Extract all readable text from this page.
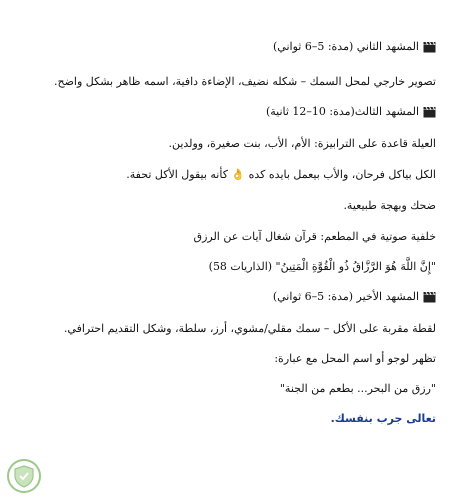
المشهد الثاني (مدة: 5–6 ثواني)
تصوير خارجي لمحل السمك – شكله نضيف، الإضاءة دافية، اسمه ظاهر بشكل واضح.
المشهد الثالث(مدة: 10–12 ثانية)
العيلة قاعدة على الترابيزة: الأم، الأب، بنت صغيرة، وولدين.
الكل بياكل فرحان، والأب بيعمل بايده كده 👌 كأنه بيقول الأكل تحفة.
ضحك وبهجة طبيعية.
خلفية صوتية في المطعم: قرآن شغال آيات عن الرزق
"إِنَّ اللَّهَ هُوَ الرَّزَّاقُ ذُو الْقُوَّةِ الْمَتِينُ" (الذاريات 58)
المشهد الأخير (مدة: 5–6 ثواني)
لقطة مقربة على الأكل – سمك مقلي/مشوي، أرز، سلطة، وشكل التقديم احترافي.
تظهر لوجو أو اسم المحل مع عبارة:
"رزق من البحر... بطعم من الجنة"
تعالى جرب بنفسك.
